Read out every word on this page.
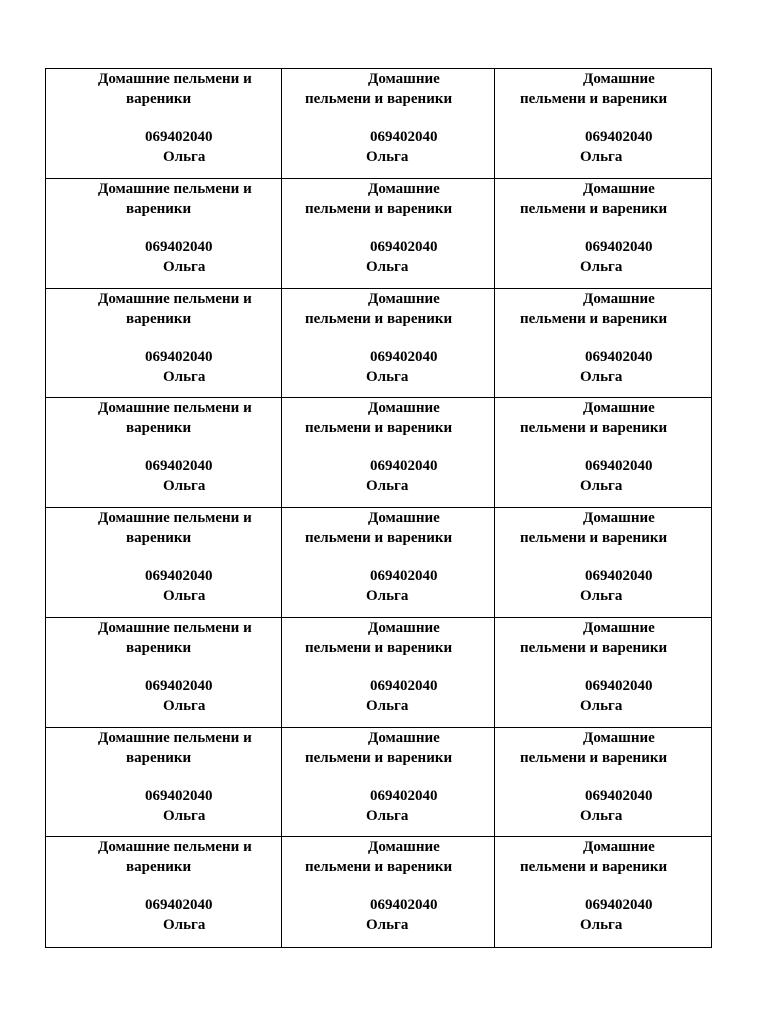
Домашние пельмени и
вареники
069402040
Ольга
Домашние
пельмени и вареники
069402040
Ольга
Домашние
пельмени и вареники
069402040
Ольга
Домашние пельмени и
вареники
069402040
Ольга
Домашние
пельмени и вареники
069402040
Ольга
Домашние
пельмени и вареники
069402040
Ольга
Домашние пельмени и
вареники
069402040
Ольга
Домашние
пельмени и вареники
069402040
Ольга
Домашние
пельмени и вареники
069402040
Ольга
Домашние пельмени и
вареники
069402040
Ольга
Домашние
пельмени и вареники
069402040
Ольга
Домашние
пельмени и вареники
069402040
Ольга
Домашние пельмени и
вареники
069402040
Ольга
Домашние
пельмени и вареники
069402040
Ольга
Домашние
пельмени и вареники
069402040
Ольга
Домашние пельмени и
вареники
069402040
Ольга
Домашние
пельмени и вареники
069402040
Ольга
Домашние
пельмени и вареники
069402040
Ольга
Домашние пельмени и
вареники
069402040
Ольга
Домашние
пельмени и вареники
069402040
Ольга
Домашние
пельмени и вареники
069402040
Ольга
Домашние пельмени и
вареники
069402040
Ольга
Домашние
пельмени и вареники
069402040
Ольга
Домашние
пельмени и вареники
069402040
Ольга
